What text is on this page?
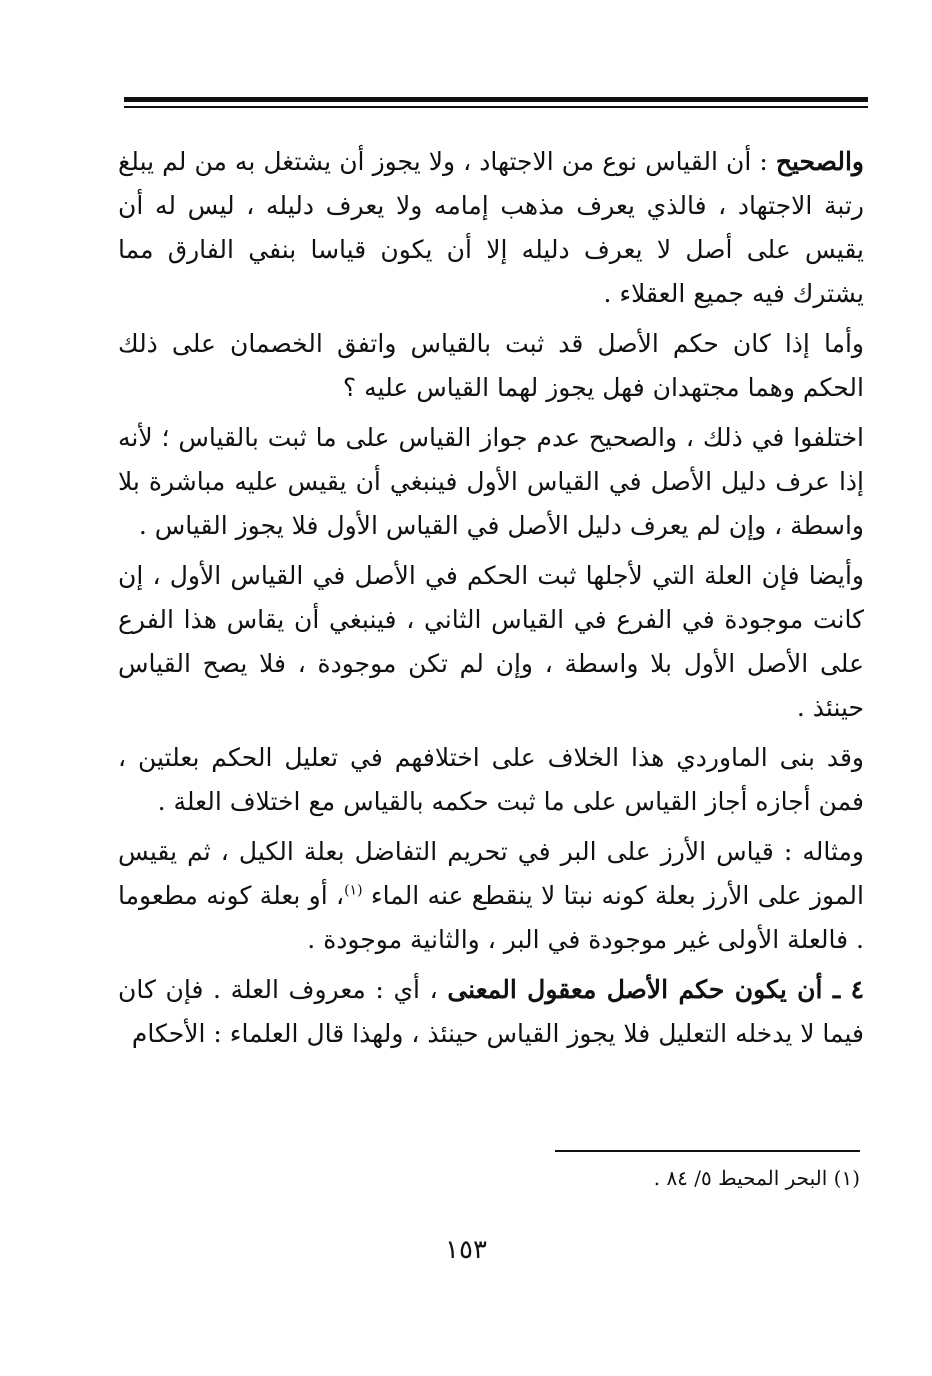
والصحيح : أن القياس نوع من الاجتهاد ، ولا يجوز أن يشتغل به من لم يبلغ رتبة الاجتهاد ، فالذي يعرف مذهب إمامه ولا يعرف دليله ، ليس له أن يقيس على أصل لا يعرف دليله إلا أن يكون قياسا بنفي الفارق مما يشترك فيه جميع العقلاء .

وأما إذا كان حكم الأصل قد ثبت بالقياس واتفق الخصمان على ذلك الحكم وهما مجتهدان فهل يجوز لهما القياس عليه ؟

اختلفوا في ذلك ، والصحيح عدم جواز القياس على ما ثبت بالقياس ؛ لأنه إذا عرف دليل الأصل في القياس الأول فينبغي أن يقيس عليه مباشرة بلا واسطة ، وإن لم يعرف دليل الأصل في القياس الأول فلا يجوز القياس .

وأيضا فإن العلة التي لأجلها ثبت الحكم في الأصل في القياس الأول ، إن كانت موجودة في الفرع في القياس الثاني ، فينبغي أن يقاس هذا الفرع على الأصل الأول بلا واسطة ، وإن لم تكن موجودة ، فلا يصح القياس حينئذ .

وقد بنى الماوردي هذا الخلاف على اختلافهم في تعليل الحكم بعلتين ، فمن أجازه أجاز القياس على ما ثبت حكمه بالقياس مع اختلاف العلة .

ومثاله : قياس الأرز على البر في تحريم التفاضل بعلة الكيل ، ثم يقيس الموز على الأرز بعلة كونه نبتا لا ينقطع عنه الماء $^{(١)}$، أو بعلة كونه مطعوما . فالعلة الأولى غير موجودة في البر ، والثانية موجودة .

٤ ـ أن يكون حكم الأصل معقول المعنى ، أي : معروف العلة . فإن كان فيما لا يدخله التعليل فلا يجوز القياس حينئذ ، ولهذا قال العلماء : الأحكام

(١) البحر المحيط ٥/ ٨٤ .
١٥٣
